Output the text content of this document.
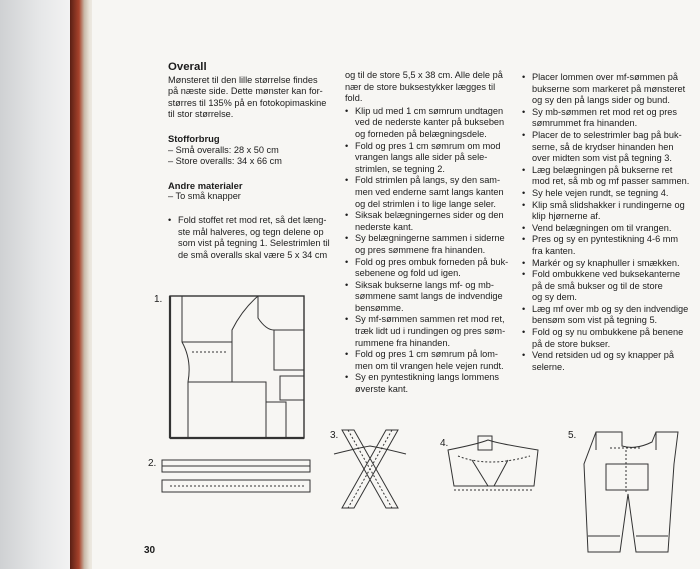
Overall
Mønsteret til den lille størrelse findes
på næste side. Dette mønster kan for-
størres til 135% på en fotokopimaskine
til stor størrelse.
Stofforbrug
– Små overalls: 28 x 50 cm
– Store overalls: 34 x 66 cm
Andre materialer
– To små knapper
• Fold stoffet ret mod ret, så det læng-
ste mål halveres, og tegn delene op
som vist på tegning 1. Selestrimlen til
de små overalls skal være 5 x 34 cm
og til de store 5,5 x 38 cm. Alle dele på
nær de store buksestykker lægges til
fold.
• Klip ud med 1 cm sømrum undtagen
ved de nederste kanter på bukseben
og forneden på belægningsdele.
• Fold og pres 1 cm sømrum om mod
vrangen langs alle sider på sele-
strimlen, se tegning 2.
• Fold strimlen på langs, sy den sam-
men ved enderne samt langs kanten
og del strimlen i to lige lange seler.
• Siksak belægningernes sider og den
nederste kant.
• Sy belægningerne sammen i siderne
og pres sømmene fra hinanden.
• Fold og pres ombuk forneden på buk-
sebenene og fold ud igen.
• Siksak bukserne langs mf- og mb-
sømmene samt langs de indvendige
bensømme.
• Sy mf-sømmen sammen ret mod ret,
træk lidt ud i rundingen og pres søm-
rummene fra hinanden.
• Fold og pres 1 cm sømrum på lom-
men om til vrangen hele vejen rundt.
• Sy en pyntestikning langs lommens
øverste kant.
• Placer lommen over mf-sømmen på
bukserne som markeret på mønsteret
og sy den på langs sider og bund.
• Sy mb-sømmen ret mod ret og pres
sømrummet fra hinanden.
• Placer de to selestrimler bag på buk-
serne, så de krydser hinanden hen
over midten som vist på tegning 3.
• Læg belægningen på bukserne ret
mod ret, så mb og mf passer sammen.
• Sy hele vejen rundt, se tegning 4.
• Klip små slidshakker i rundingerne og
klip hjørnerne af.
• Vend belægningen om til vrangen.
• Pres og sy en pyntestikning 4-6 mm
fra kanten.
• Markér og sy knaphuller i smækken.
• Fold ombukkene ved buksekanterne
på de små bukser og til de store
og sy dem.
• Læg mf over mb og sy den indvendige
bensøm som vist på tegning 5.
• Fold og sy nu ombukkene på benene
på de store bukser.
• Vend retsiden ud og sy knapper på
selerne.
1.
2.
3.
4.
5.
30
